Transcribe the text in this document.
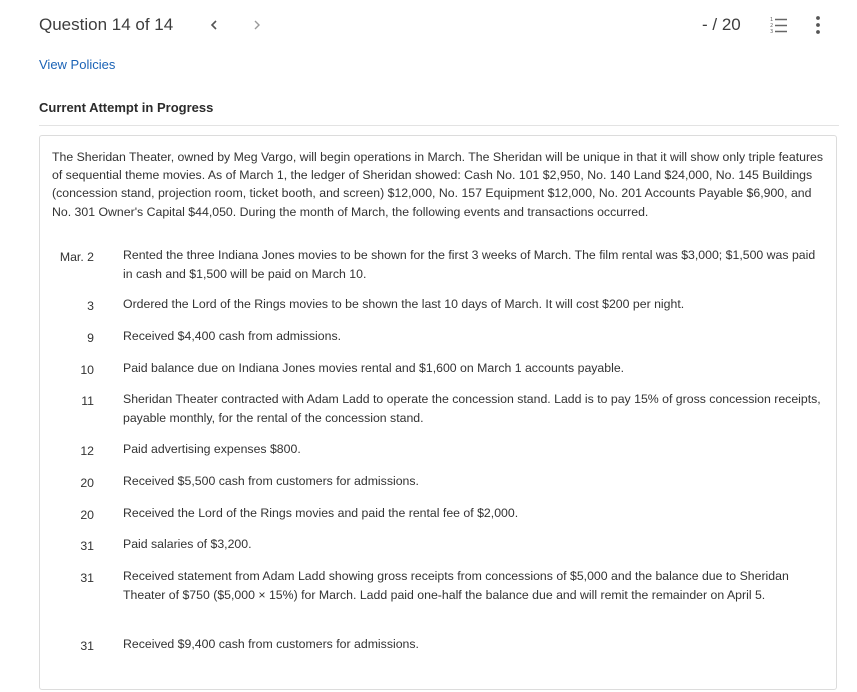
Question 14 of 14	- / 20	1
2
3
View Policies
Current Attempt in Progress
The Sheridan Theater, owned by Meg Vargo, will begin operations in March. The Sheridan will be unique in that it will show only triple features of sequential theme movies. As of March 1, the ledger of Sheridan showed: Cash No. 101 $2,950, No. 140 Land $24,000, No. 145 Buildings (concession stand, projection room, ticket booth, and screen) $12,000, No. 157 Equipment $12,000, No. 201 Accounts Payable $6,900, and No. 301 Owner's Capital $44,050. During the month of March, the following events and transactions occurred.
Mar. 2 Rented the three Indiana Jones movies to be shown for the first 3 weeks of March. The film rental was $3,000; $1,500 was paid in cash and $1,500 will be paid on March 10.
3 Ordered the Lord of the Rings movies to be shown the last 10 days of March. It will cost $200 per night.
9 Received $4,400 cash from admissions.
10 Paid balance due on Indiana Jones movies rental and $1,600 on March 1 accounts payable.
11 Sheridan Theater contracted with Adam Ladd to operate the concession stand. Ladd is to pay 15% of gross concession receipts, payable monthly, for the rental of the concession stand.
12 Paid advertising expenses $800.
20 Received $5,500 cash from customers for admissions.
20 Received the Lord of the Rings movies and paid the rental fee of $2,000.
31 Paid salaries of $3,200.
31 Received statement from Adam Ladd showing gross receipts from concessions of $5,000 and the balance due to Sheridan Theater of $750 ($5,000 × 15%) for March. Ladd paid one-half the balance due and will remit the remainder on April 5.
31 Received $9,400 cash from customers for admissions.
